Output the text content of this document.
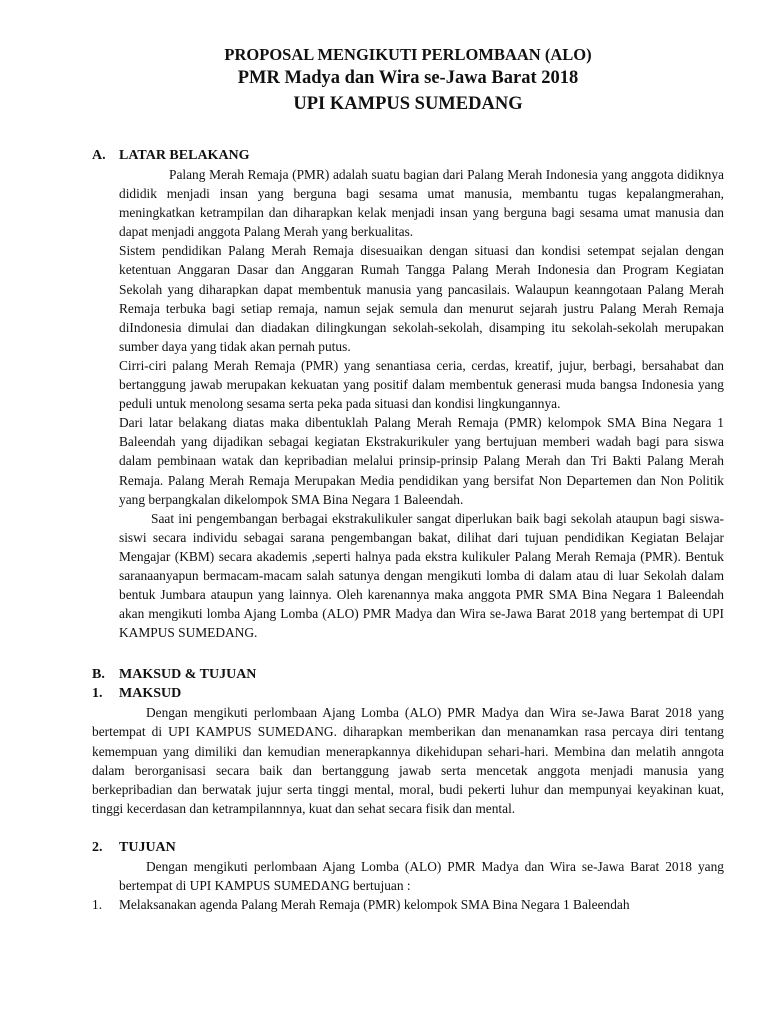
PROPOSAL MENGIKUTI PERLOMBAAN (ALO)
PMR Madya dan Wira se-Jawa Barat 2018
UPI KAMPUS SUMEDANG
A. LATAR BELAKANG

Palang Merah Remaja (PMR) adalah suatu bagian dari Palang Merah Indonesia yang anggota didiknya dididik menjadi insan yang berguna bagi sesama umat manusia, membantu tugas kepalangmerahan, meningkatkan ketrampilan dan diharapkan kelak menjadi insan yang berguna bagi sesama umat manusia dan dapat menjadi anggota Palang Merah yang berkualitas.

Sistem pendidikan Palang Merah Remaja disesuaikan dengan situasi dan kondisi setempat sejalan dengan ketentuan Anggaran Dasar dan Anggaran Rumah Tangga Palang Merah Indonesia dan Program Kegiatan Sekolah yang diharapkan dapat membentuk manusia yang pancasilais. Walaupun keanngotaan Palang Merah Remaja terbuka bagi setiap remaja, namun sejak semula dan menurut sejarah justru Palang Merah Remaja diIndonesia dimulai dan diadakan dilingkungan sekolah-sekolah, disamping itu sekolah-sekolah merupakan sumber daya yang tidak akan pernah putus.

Cirri-ciri palang Merah Remaja (PMR) yang senantiasa ceria, cerdas, kreatif, jujur, berbagi, bersahabat dan bertanggung jawab merupakan kekuatan yang positif dalam membentuk generasi muda bangsa Indonesia yang peduli untuk menolong sesama serta peka pada situasi dan kondisi lingkungannya.

Dari latar belakang diatas maka dibentuklah Palang Merah Remaja (PMR) kelompok SMA Bina Negara 1 Baleendah yang dijadikan sebagai kegiatan Ekstrakurikuler yang bertujuan memberi wadah bagi para siswa dalam pembinaan watak dan kepribadian melalui prinsip-prinsip Palang Merah dan Tri Bakti Palang Merah Remaja. Palang Merah Remaja Merupakan Media pendidikan yang bersifat Non Departemen dan Non Politik yang berpangkalan dikelompok SMA Bina Negara 1 Baleendah.

Saat ini pengembangan berbagai ekstrakulikuler sangat diperlukan baik bagi sekolah ataupun bagi siswa-siswi secara individu sebagai sarana pengembangan bakat, dilihat dari tujuan pendidikan Kegiatan Belajar Mengajar (KBM) secara akademis ,seperti halnya pada ekstra kulikuler Palang Merah Remaja (PMR). Bentuk saranaanyapun bermacam-macam salah satunya dengan mengikuti lomba di dalam atau di luar Sekolah dalam bentuk Jumbara ataupun yang lainnya. Oleh karenannya maka anggota PMR SMA Bina Negara 1 Baleendah akan mengikuti lomba Ajang Lomba (ALO) PMR Madya dan Wira se-Jawa Barat 2018 yang bertempat di UPI KAMPUS SUMEDANG.

B.	MAKSUD & TUJUAN
1.	MAKSUD

Dengan mengikuti perlombaan Ajang Lomba (ALO) PMR Madya dan Wira se-Jawa Barat 2018 yang bertempat di UPI KAMPUS SUMEDANG. diharapkan memberikan dan menanamkan rasa percaya diri tentang kemempuan yang dimiliki dan kemudian menerapkannya dikehidupan sehari-hari. Membina dan melatih anngota dalam berorganisasi secara baik dan bertanggung jawab serta mencetak anggota menjadi manusia yang berkepribadian dan berwatak jujur serta tinggi mental, moral, budi pekerti luhur dan mempunyai keyakinan kuat, tinggi kecerdasan dan ketrampilannnya, kuat dan sehat secara fisik dan mental.

2.	TUJUAN

Dengan mengikuti perlombaan Ajang Lomba (ALO) PMR Madya dan Wira se-Jawa Barat 2018 yang bertempat di UPI KAMPUS SUMEDANG bertujuan :

1.	Melaksanakan agenda Palang Merah Remaja (PMR) kelompok SMA Bina Negara 1 Baleendah
